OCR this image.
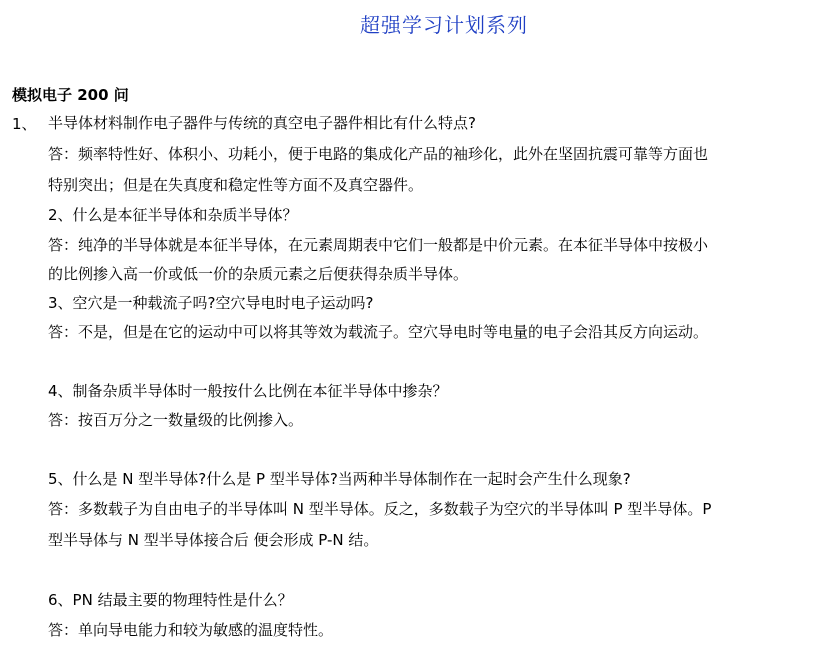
超强学习计划系列
模拟电子 200 问
1、 半导体材料制作电子器件与传统的真空电子器件相比有什么特点?
答：频率特性好、体积小、功耗小，便于电路的集成化产品的袖珍化，此外在坚固抗震可靠等方面也
特别突出；但是在失真度和稳定性等方面不及真空器件。
2、什么是本征半导体和杂质半导体？
答：纯净的半导体就是本征半导体，在元素周期表中它们一般都是中价元素。在本征半导体中按极小
的比例掺入高一价或低一价的杂质元素之后便获得杂质半导体。
3、空穴是一种载流子吗?空穴导电时电子运动吗?
答：不是，但是在它的运动中可以将其等效为载流子。空穴导电时等电量的电子会沿其反方向运动。
4、制备杂质半导体时一般按什么比例在本征半导体中掺杂？
答：按百万分之一数量级的比例掺入。
5、什么是 N 型半导体?什么是 P 型半导体?当两种半导体制作在一起时会产生什么现象?
答：多数载子为自由电子的半导体叫 N 型半导体。反之，多数载子为空穴的半导体叫 P 型半导体。P
型半导体与 N 型半导体接合后 便会形成 P-N 结。
6、PN 结最主要的物理特性是什么？
答：单向导电能力和较为敏感的温度特性。
